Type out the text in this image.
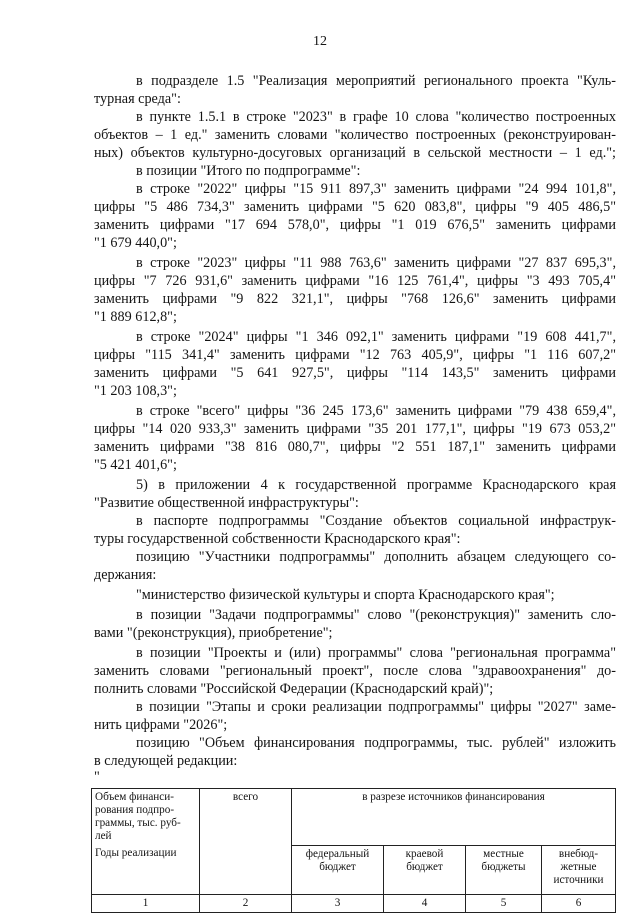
12
в подразделе 1.5 "Реализация мероприятий регионального проекта "Куль-
турная среда":
в пункте 1.5.1 в строке "2023" в графе 10 слова "количество построенных
объектов – 1 ед." заменить словами "количество построенных (реконструирован-
ных) объектов культурно-досуговых организаций в сельской местности – 1 ед.";
в позиции "Итого по подпрограмме":
в строке "2022" цифры "15 911 897,3" заменить цифрами "24 994 101,8",
цифры "5 486 734,3" заменить цифрами "5 620 083,8", цифры "9 405 486,5"
заменить цифрами "17 694 578,0", цифры "1 019 676,5" заменить цифрами
"1 679 440,0";
в строке "2023" цифры "11 988 763,6" заменить цифрами "27 837 695,3",
цифры "7 726 931,6" заменить цифрами "16 125 761,4", цифры "3 493 705,4"
заменить цифрами "9 822 321,1", цифры "768 126,6" заменить цифрами
"1 889 612,8";
в строке "2024" цифры "1 346 092,1" заменить цифрами "19 608 441,7",
цифры "115 341,4" заменить цифрами "12 763 405,9", цифры "1 116 607,2"
заменить цифрами "5 641 927,5", цифры "114 143,5" заменить цифрами
"1 203 108,3";
в строке "всего" цифры "36 245 173,6" заменить цифрами "79 438 659,4",
цифры "14 020 933,3" заменить цифрами "35 201 177,1", цифры "19 673 053,2"
заменить цифрами "38 816 080,7", цифры "2 551 187,1" заменить цифрами
"5 421 401,6";
5) в приложении 4 к государственной программе Краснодарского края
"Развитие общественной инфраструктуры":
в паспорте подпрограммы "Создание объектов социальной инфраструк-
туры государственной собственности Краснодарского края":
позицию "Участники подпрограммы" дополнить абзацем следующего со-
держания:
"министерство физической культуры и спорта Краснодарского края";
в позиции "Задачи подпрограммы" слово "(реконструкция)" заменить сло-
вами "(реконструкция), приобретение";
в позиции "Проекты и (или) программы" слова "региональная программа"
заменить словами "региональный проект", после слова "здравоохранения" до-
полнить словами "Российской Федерации (Краснодарский край)";
в позиции "Этапы и сроки реализации подпрограммы" цифры "2027" заме-
нить цифрами "2026";
позицию "Объем финансирования подпрограммы, тыс. рублей" изложить
в следующей редакции:
"
Объем финанси-рования подпро-граммы, тыс. руб-лей	всего	в разрезе источников финансирования			
Годы реализации		федеральный бюджет	краевой бюджет	местные бюджеты	внебюд-жетные источники
1	2	3	4	5	6
